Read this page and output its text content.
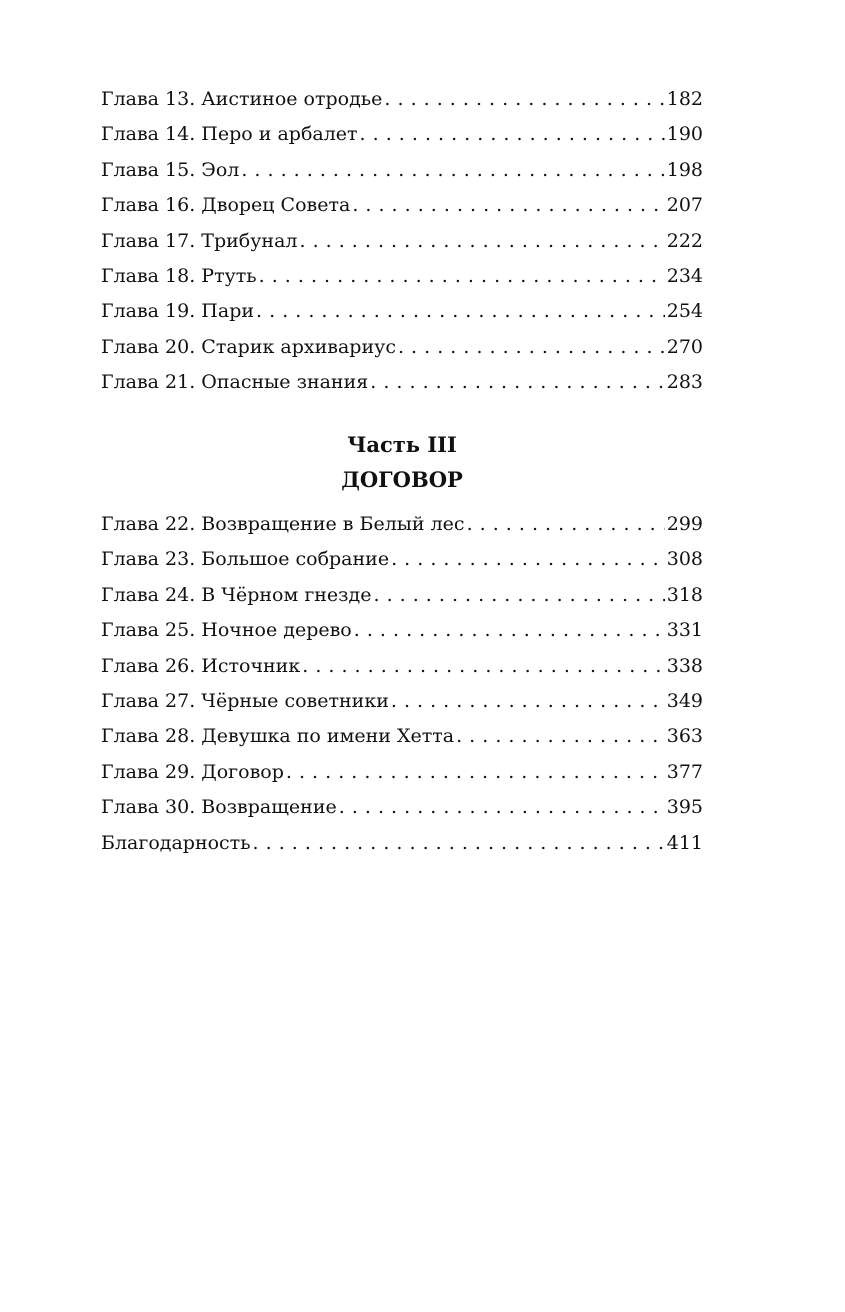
Глава 13. Аистиное отродье . . .	182
Глава 14. Перо и арбалет . . .	190
Глава 15. Эол . . .	198
Глава 16. Дворец Совета . . .	207
Глава 17. Трибунал . . .	222
Глава 18. Ртуть . . .	234
Глава 19. Пари . . .	254
Глава 20. Старик архивариус . . .	270
Глава 21. Опасные знания . . .	283
Часть III
ДОГОВОР
Глава 22. Возвращение в Белый лес . . .	299
Глава 23. Большое собрание . . .	308
Глава 24. В Чёрном гнезде . . .	318
Глава 25. Ночное дерево . . .	331
Глава 26. Источник . . .	338
Глава 27. Чёрные советники . . .	349
Глава 28. Девушка по имени Хетта . . .	363
Глава 29. Договор . . .	377
Глава 30. Возвращение . . .	395
Благодарность . . .	411
